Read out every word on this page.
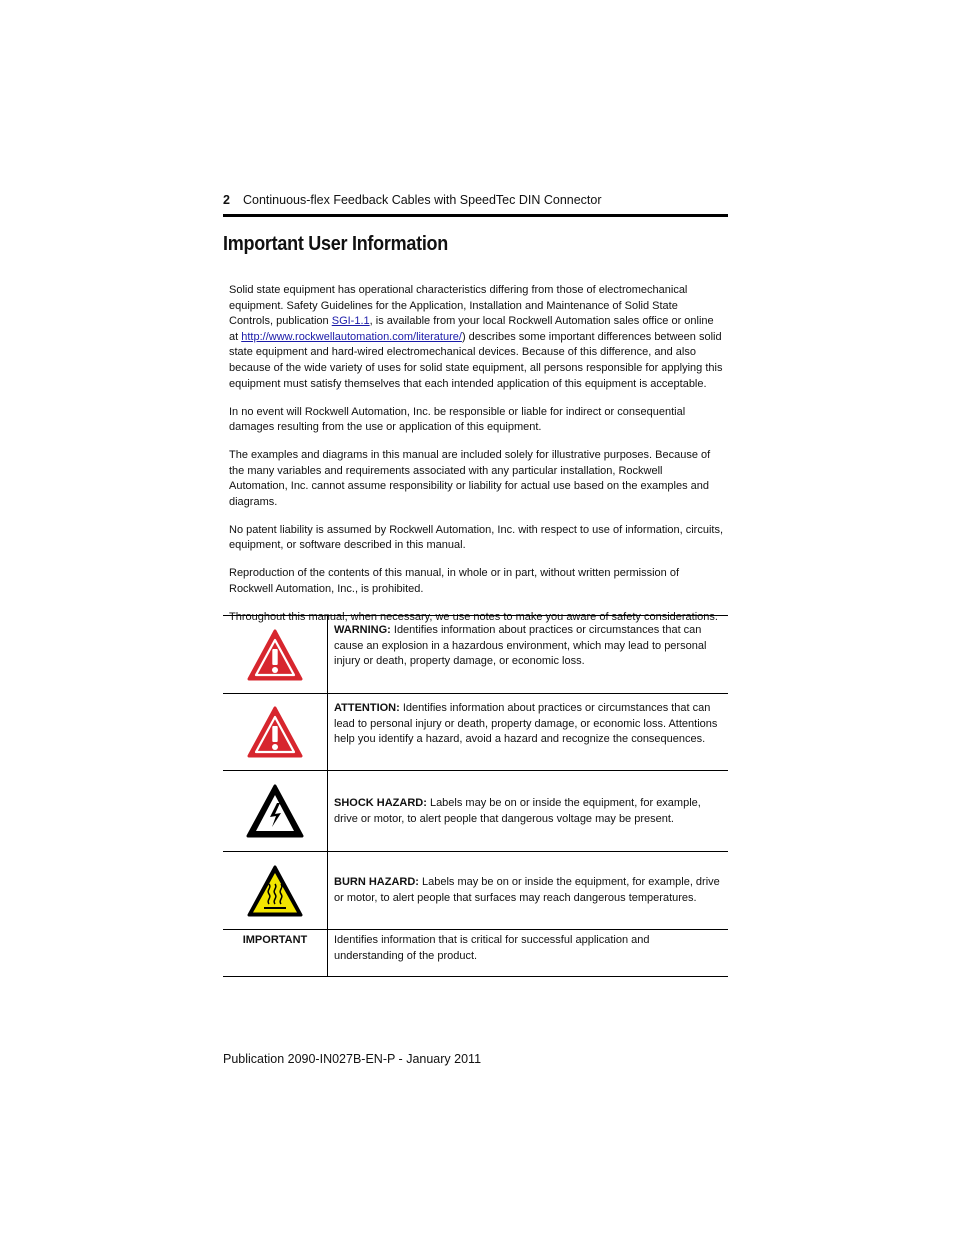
2 Continuous-flex Feedback Cables with SpeedTec DIN Connector
Important User Information

Solid state equipment has operational characteristics differing from those of electromechanical equipment. Safety Guidelines for the Application, Installation and Maintenance of Solid State Controls, publication SGI-1.1, is available from your local Rockwell Automation sales office or online at http://www.rockwellautomation.com/literature/) describes some important differences between solid state equipment and hard-wired electromechanical devices. Because of this difference, and also because of the wide variety of uses for solid state equipment, all persons responsible for applying this equipment must satisfy themselves that each intended application of this equipment is acceptable.

In no event will Rockwell Automation, Inc. be responsible or liable for indirect or consequential damages resulting from the use or application of this equipment.

The examples and diagrams in this manual are included solely for illustrative purposes. Because of the many variables and requirements associated with any particular installation, Rockwell Automation, Inc. cannot assume responsibility or liability for actual use based on the examples and diagrams.

No patent liability is assumed by Rockwell Automation, Inc. with respect to use of information, circuits, equipment, or software described in this manual.

Reproduction of the contents of this manual, in whole or in part, without written permission of Rockwell Automation, Inc., is prohibited.

Throughout this manual, when necessary, we use notes to make you aware of safety considerations.

	WARNING: Identifies information about practices or circumstances that can cause an explosion in a hazardous environment, which may lead to personal injury or death, property damage, or economic loss.

	ATTENTION: Identifies information about practices or circumstances that can lead to personal injury or death, property damage, or economic loss. Attentions help you identify a hazard, avoid a hazard and recognize the consequences.

	SHOCK HAZARD: Labels may be on or inside the equipment, for example, drive or motor, to alert people that dangerous voltage may be present.

	BURN HAZARD: Labels may be on or inside the equipment, for example, drive or motor, to alert people that surfaces may reach dangerous temperatures.
IMPORTANT	Identifies information that is critical for successful application and understanding of the product.
Publication 2090-IN027B-EN-P - January 2011
